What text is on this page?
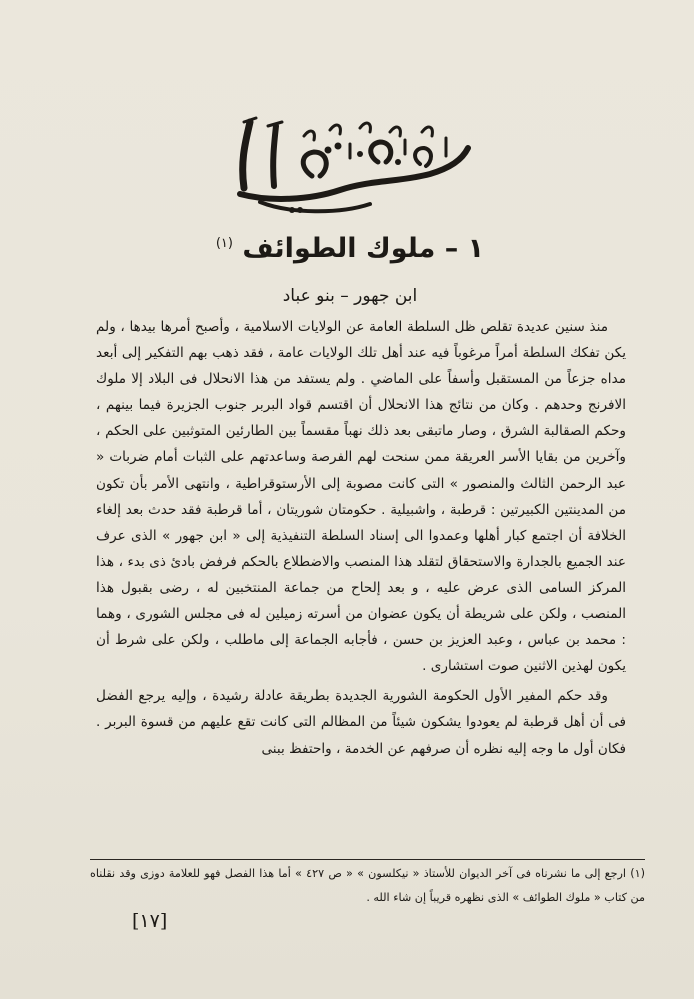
١ – ملوك الطوائف $^{(١)}$
ابن جهور – بنو عباد

منذ سنين عديدة تقلص ظل السلطة العامة عن الولايات الاسلامية ، وأصبح أمرها بيدها ، ولم يكن تفكك السلطة أمراً مرغوباً فيه عند أهل تلك الولايات عامة ، فقد ذهب بهم التفكير إلى أبعد مداه جزعاً من المستقبل وأسفاً على الماضي . ولم يستفد من هذا الانحلال فى البلاد إلا ملوك الافرنج وحدهم . وكان من نتائج هذا الانحلال أن اقتسم قواد البربر جنوب الجزيرة فيما بينهم ، وحكم الصقالبة الشرق ، وصار ماتبقى بعد ذلك نهباً مقسماً بين الطارئين المتوثبين على الحكم ، وآخرين من بقايا الأسر العريقة ممن سنحت لهم الفرصة وساعدتهم على الثبات أمام ضربات « عبد الرحمن الثالث والمنصور » التى كانت مصوبة إلى الأرستوقراطية ، وانتهى الأمر بأن تكون من المدينتين الكبيرتين : قرطبة ، واشبيلية . حكومتان شوريتان ، أما قرطبة فقد حدث بعد إلغاء الخلافة أن اجتمع كبار أهلها وعمدوا الى إسناد السلطة التنفيذية إلى « ابن جهور » الذى عرف عند الجميع بالجدارة والاستحقاق لتقلد هذا المنصب والاضطلاع بالحكم فرفض بادئ ذى بدء ، هذا المركز السامى الذى عرض عليه ، و بعد إلحاح من جماعة المنتخبين له ، رضى بقبول هذا المنصب ، ولكن على شريطة أن يكون عضوان من أسرته زميلين له فى مجلس الشورى ، وهما : محمد بن عباس ، وعبد العزيز بن حسن ، فأجابه الجماعة إلى ماطلب ، ولكن على شرط أن يكون لهذين الاثنين صوت استشارى .

وقد حكم المفير الأول الحكومة الشورية الجديدة بطريقة عادلة رشيدة ، وإليه يرجع الفضل فى أن أهل قرطبة لم يعودوا يشكون شيئاً من المظالم التى كانت تقع عليهم من قسوة البربر . فكان أول ما وجه إليه نظره أن صرفهم عن الخدمة ، واحتفظ ببنى

(١) ارجع إلى ما نشرناه فى آخر الديوان للأستاذ « نيكلسون » « ص ٤٢٧ » أما هذا الفصل فهو للعلامة دوزى وقد نقلناه من كتاب « ملوك الطوائف » الذى نظهره قريباً إن شاء الله .
[١٧]
